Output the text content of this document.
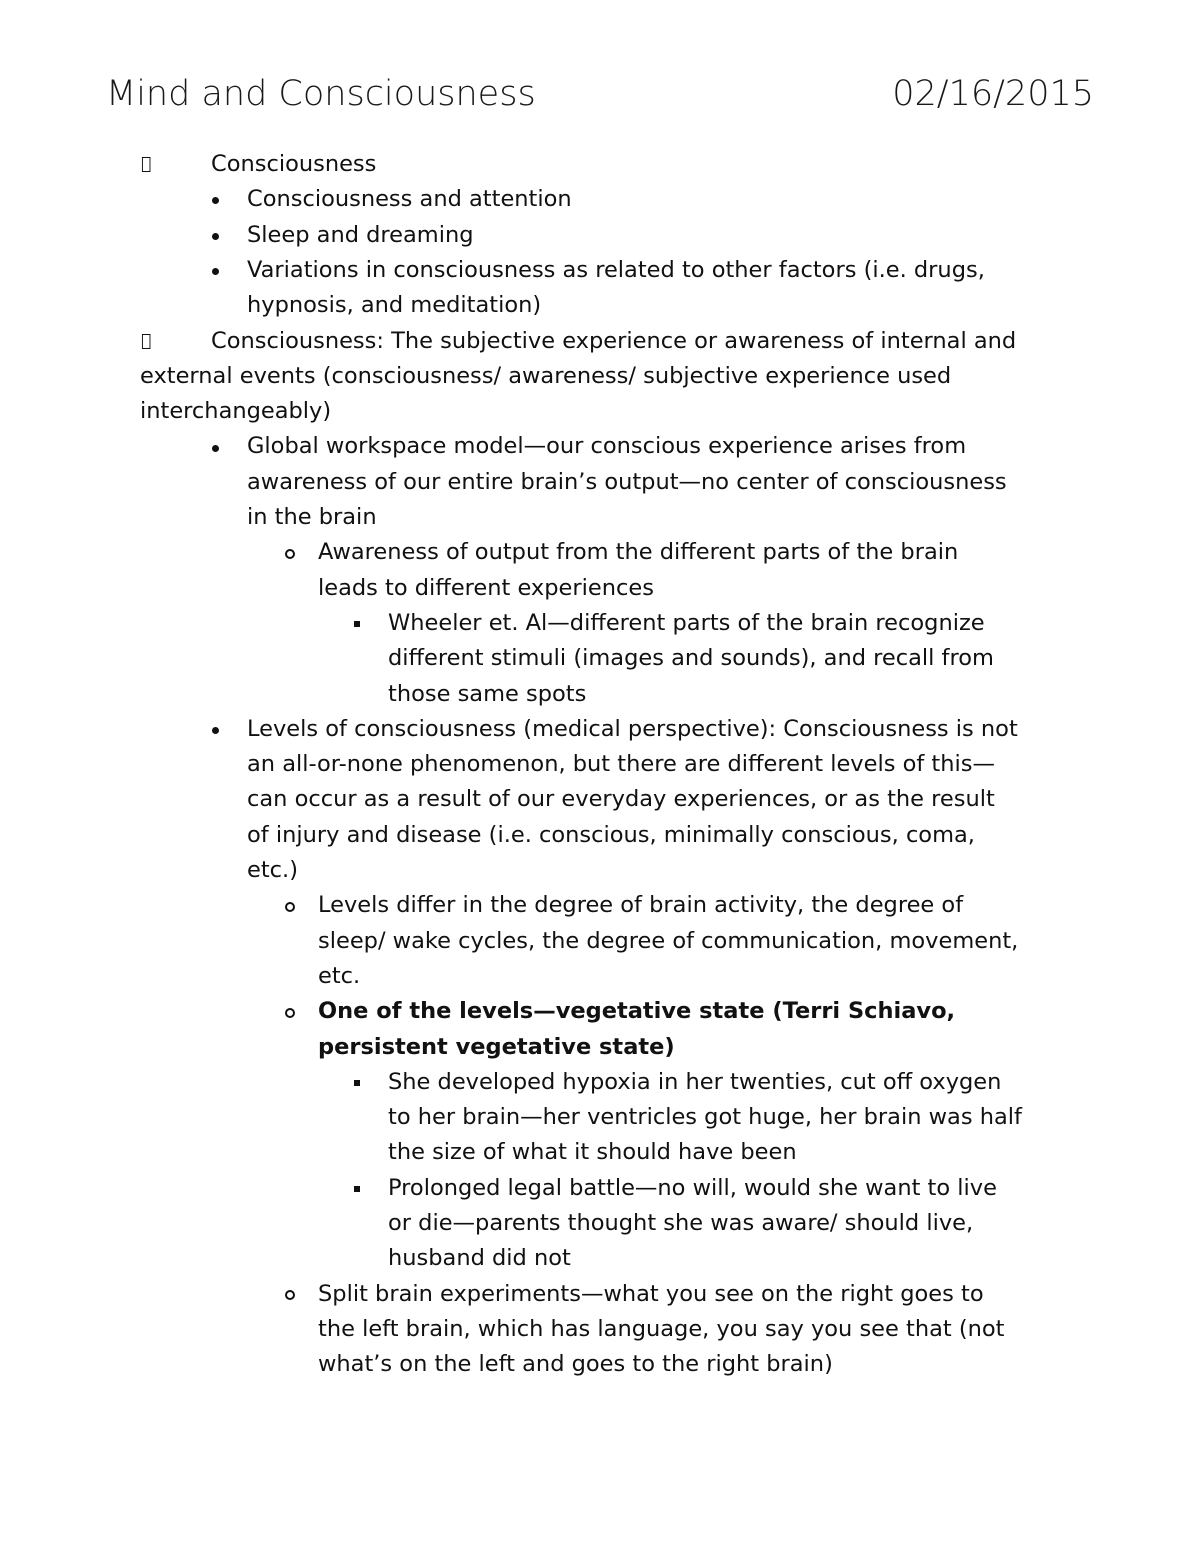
Mind and Consciousness	02/16/2015
Consciousness
Consciousness and attention
Sleep and dreaming
Variations in consciousness as related to other factors (i.e. drugs,
hypnosis, and meditation)
Consciousness: The subjective experience or awareness of internal and
external events (consciousness/ awareness/ subjective experience used
interchangeably)
Global workspace model—our conscious experience arises from
awareness of our entire brain’s output—no center of consciousness
in the brain
Awareness of output from the different parts of the brain
leads to different experiences
Wheeler et. Al—different parts of the brain recognize
different stimuli (images and sounds), and recall from
those same spots
Levels of consciousness (medical perspective): Consciousness is not
an all-or-none phenomenon, but there are different levels of this—
can occur as a result of our everyday experiences, or as the result
of injury and disease (i.e. conscious, minimally conscious, coma,
etc.)
Levels differ in the degree of brain activity, the degree of
sleep/ wake cycles, the degree of communication, movement,
etc.
One of the levels—vegetative state (Terri Schiavo,
persistent vegetative state)
She developed hypoxia in her twenties, cut off oxygen
to her brain—her ventricles got huge, her brain was half
the size of what it should have been
Prolonged legal battle—no will, would she want to live
or die—parents thought she was aware/ should live,
husband did not
Split brain experiments—what you see on the right goes to
the left brain, which has language, you say you see that (not
what’s on the left and goes to the right brain)
